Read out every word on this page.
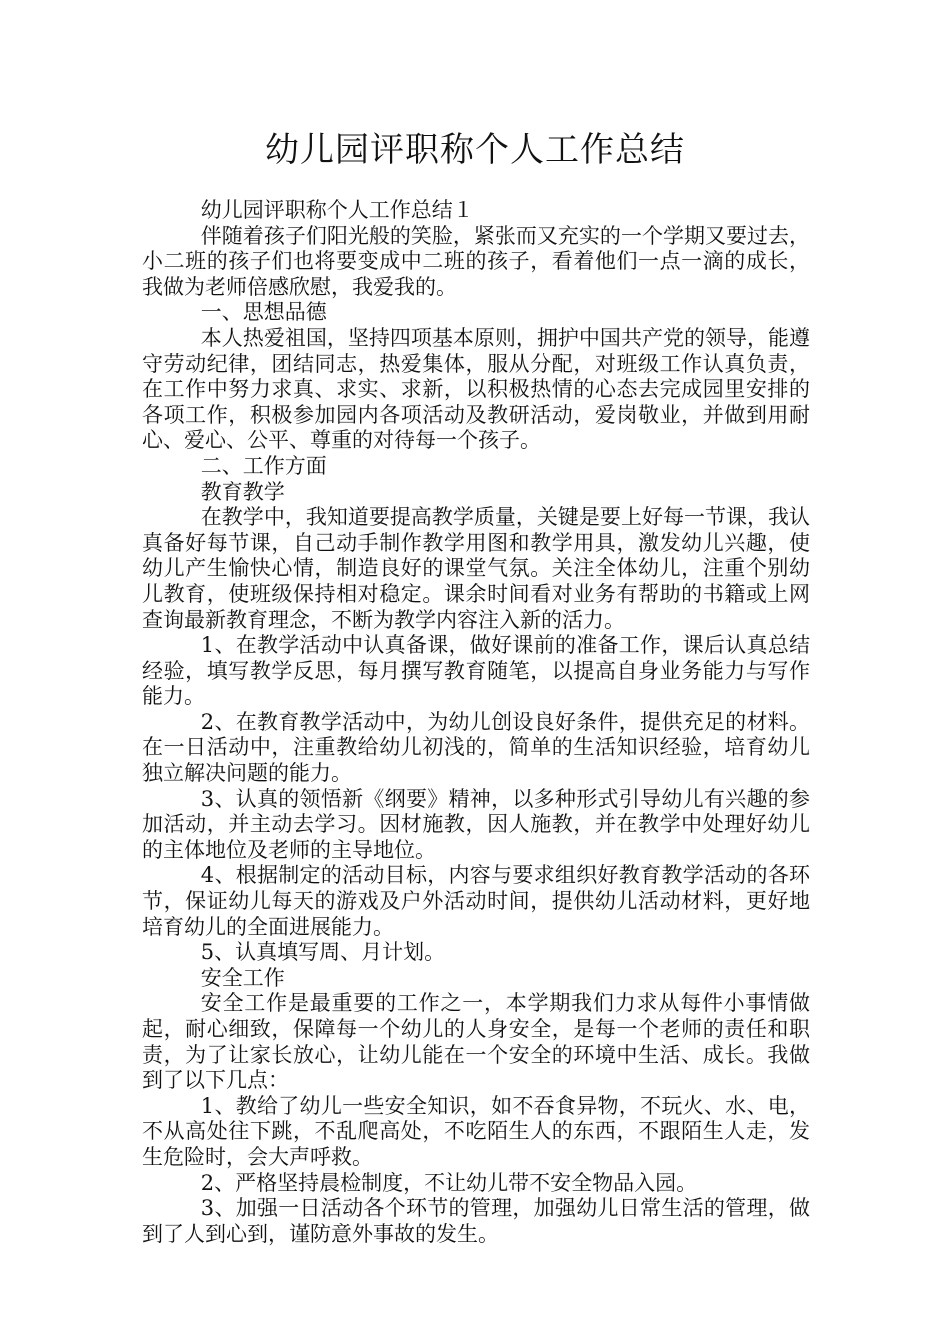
幼儿园评职称个人工作总结

幼儿园评职称个人工作总结１

伴随着孩子们阳光般的笑脸，紧张而又充实的一个学期又要过去，小二班的孩子们也将要变成中二班的孩子，看着他们一点一滴的成长，我做为老师倍感欣慰，我爱我的。

一、思想品德

本人热爱祖国，坚持四项基本原则，拥护中国共产党的领导，能遵守劳动纪律，团结同志，热爱集体，服从分配，对班级工作认真负责，在工作中努力求真、求实、求新，以积极热情的心态去完成园里安排的各项工作，积极参加园内各项活动及教研活动，爱岗敬业，并做到用耐心、爱心、公平、尊重的对待每一个孩子。

二、工作方面

教育教学

在教学中，我知道要提高教学质量，关键是要上好每一节课，我认真备好每节课，自己动手制作教学用图和教学用具，激发幼儿兴趣，使幼儿产生愉快心情，制造良好的课堂气氛。关注全体幼儿，注重个别幼儿教育，使班级保持相对稳定。课余时间看对业务有帮助的书籍或上网查询最新教育理念，不断为教学内容注入新的活力。

1、在教学活动中认真备课，做好课前的准备工作，课后认真总结经验，填写教学反思，每月撰写教育随笔，以提高自身业务能力与写作能力。

2、在教育教学活动中，为幼儿创设良好条件，提供充足的材料。在一日活动中，注重教给幼儿初浅的，简单的生活知识经验，培育幼儿独立解决问题的能力。

3、认真的领悟新《纲要》精神，以多种形式引导幼儿有兴趣的参加活动，并主动去学习。因材施教，因人施教，并在教学中处理好幼儿的主体地位及老师的主导地位。

4、根据制定的活动目标，内容与要求组织好教育教学活动的各环节，保证幼儿每天的游戏及户外活动时间，提供幼儿活动材料，更好地培育幼儿的全面进展能力。

5、认真填写周、月计划。

安全工作

安全工作是最重要的工作之一，本学期我们力求从每件小事情做起，耐心细致，保障每一个幼儿的人身安全，是每一个老师的责任和职责，为了让家长放心，让幼儿能在一个安全的环境中生活、成长。我做到了以下几点：

1、教给了幼儿一些安全知识，如不吞食异物，不玩火、水、电，不从高处往下跳，不乱爬高处，不吃陌生人的东西，不跟陌生人走，发生危险时，会大声呼救。

2、严格坚持晨检制度，不让幼儿带不安全物品入园。

3、加强一日活动各个环节的管理，加强幼儿日常生活的管理，做到了人到心到，谨防意外事故的发生。
